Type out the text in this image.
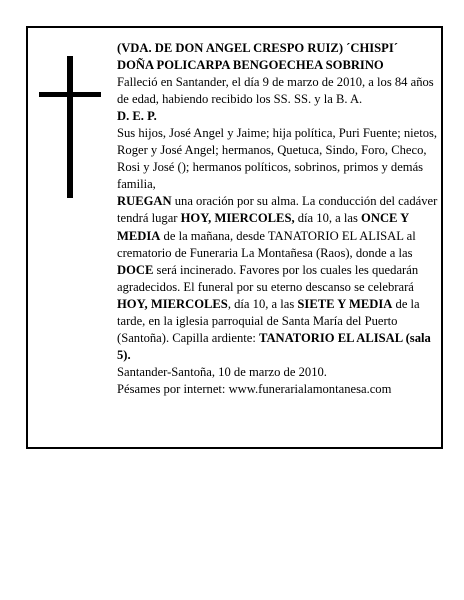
(VDA. DE DON ANGEL CRESPO RUIZ) ´CHISPI´

DOÑA POLICARPA BENGOECHEA SOBRINO

Falleció en Santander, el día 9 de marzo de 2010, a los 84 años de edad, habiendo recibido los SS. SS. y la B. A.

D. E. P.

Sus hijos, José Angel y Jaime; hija política, Puri Fuente; nietos, Roger y José Angel; hermanos, Quetuca, Sindo, Foro, Checo, Rosi y José (); hermanos políticos, sobrinos, primos y demás familia,

RUEGAN una oración por su alma. La conducción del cadáver tendrá lugar HOY, MIERCOLES, día 10, a las ONCE Y MEDIA de la mañana, desde TANATORIO EL ALISAL al crematorio de Funeraria La Montañesa (Raos), donde a las DOCE será incinerado. Favores por los cuales les quedarán agradecidos. El funeral por su eterno descanso se celebrará HOY, MIERCOLES, día 10, a las SIETE Y MEDIA de la tarde, en la iglesia parroquial de Santa María del Puerto (Santoña). Capilla ardiente: TANATORIO EL ALISAL (sala 5).

Santander-Santoña, 10 de marzo de 2010.

Pésames por internet: www.funerarialamontanesa.com
